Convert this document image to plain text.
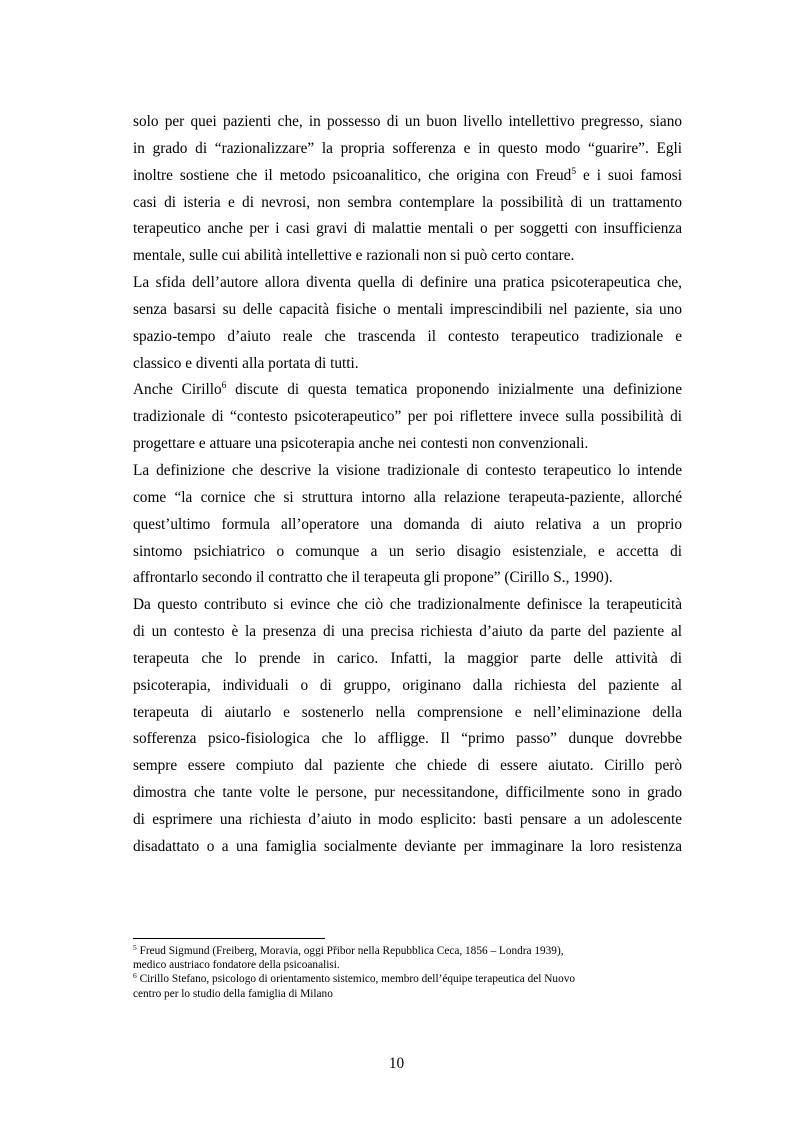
solo per quei pazienti che, in possesso di un buon livello intellettivo pregresso, siano
in grado di “razionalizzare” la propria sofferenza e in questo modo “guarire”. Egli
inoltre sostiene che il metodo psicoanalitico, che origina con Freud$^5$ e i suoi famosi
casi di isteria e di nevrosi, non sembra contemplare la possibilità di un trattamento
terapeutico anche per i casi gravi di malattie mentali o per soggetti con insufficienza
mentale, sulle cui abilità intellettive e razionali non si può certo contare.
La sfida dell’autore allora diventa quella di definire una pratica psicoterapeutica che,
senza basarsi su delle capacità fisiche o mentali imprescindibili nel paziente, sia uno
spazio-tempo d’aiuto reale che trascenda il contesto terapeutico tradizionale e
classico e diventi alla portata di tutti.
Anche Cirillo$^6$ discute di questa tematica proponendo inizialmente una definizione
tradizionale di “contesto psicoterapeutico” per poi riflettere invece sulla possibilità di
progettare e attuare una psicoterapia anche nei contesti non convenzionali.
La definizione che descrive la visione tradizionale di contesto terapeutico lo intende
come “la cornice che si struttura intorno alla relazione terapeuta-paziente, allorché
quest’ultimo formula all’operatore una domanda di aiuto relativa a un proprio
sintomo psichiatrico o comunque a un serio disagio esistenziale, e accetta di
affrontarlo secondo il contratto che il terapeuta gli propone” (Cirillo S., 1990).
Da questo contributo si evince che ciò che tradizionalmente definisce la terapeuticità
di un contesto è la presenza di una precisa richiesta d’aiuto da parte del paziente al
terapeuta che lo prende in carico. Infatti, la maggior parte delle attività di
psicoterapia, individuali o di gruppo, originano dalla richiesta del paziente al
terapeuta di aiutarlo e sostenerlo nella comprensione e nell’eliminazione della
sofferenza psico-fisiologica che lo affligge. Il “primo passo” dunque dovrebbe
sempre essere compiuto dal paziente che chiede di essere aiutato. Cirillo però
dimostra che tante volte le persone, pur necessitandone, difficilmente sono in grado
di esprimere una richiesta d’aiuto in modo esplicito: basti pensare a un adolescente
disadattato o a una famiglia socialmente deviante per immaginare la loro resistenza

$^5$ Freud Sigmund (Freiberg, Moravia, oggi Přibor nella Repubblica Ceca, 1856 – Londra 1939),
medico austriaco fondatore della psicoanalisi.

$^6$ Cirillo Stefano, psicologo di orientamento sistemico, membro dell’équipe terapeutica del Nuovo
centro per lo studio della famiglia di Milano

10
